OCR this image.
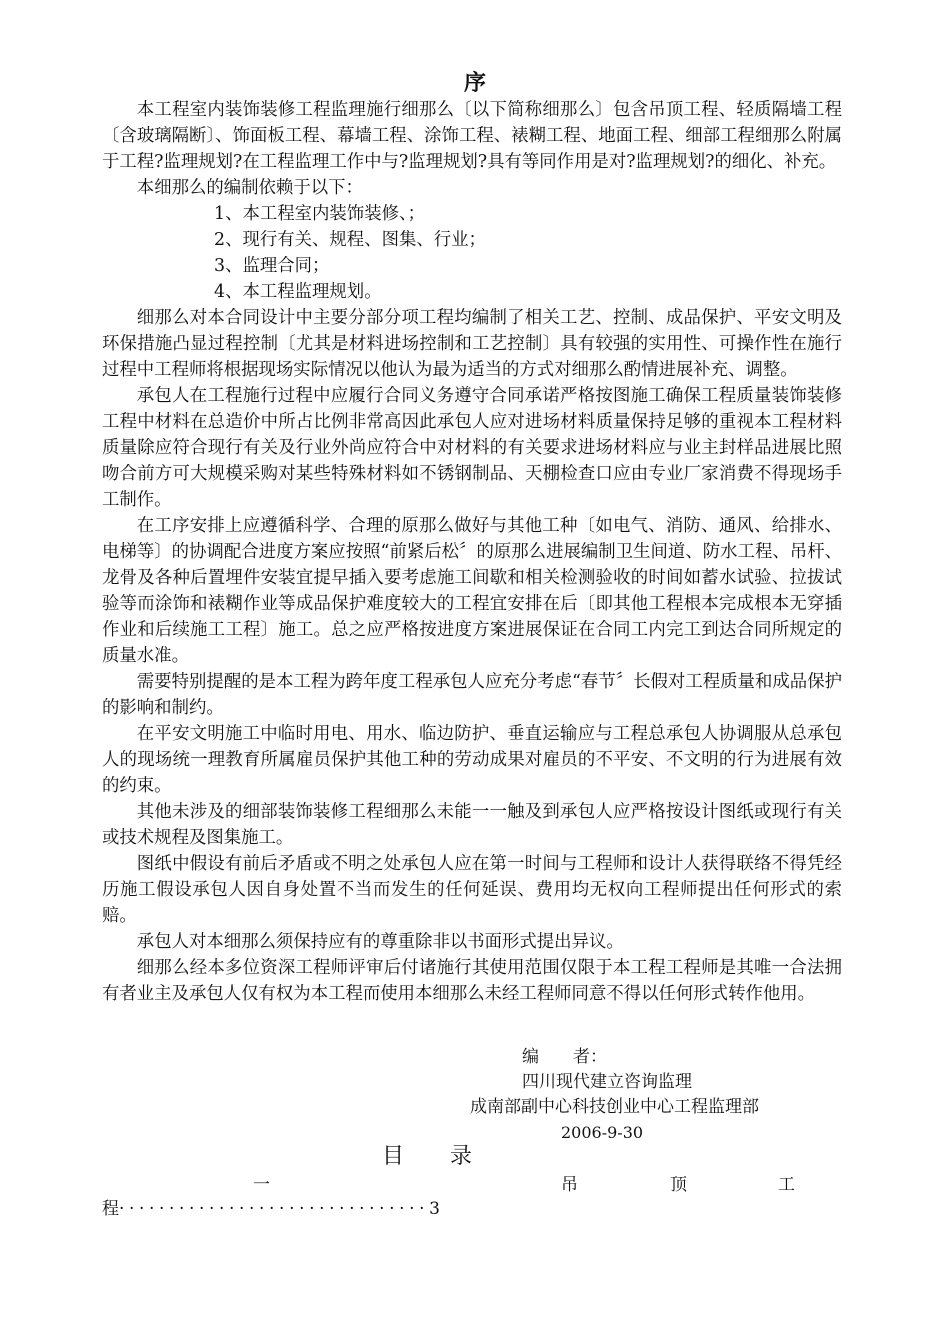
序

本工程室内装饰装修工程监理施行细那么〔以下简称细那么〕包含吊顶工程、轻质隔墙工程〔含玻璃隔断〕、饰面板工程、幕墙工程、涂饰工程、裱糊工程、地面工程、细部工程细那么附属于工程?监理规划?在工程监理工作中与?监理规划?具有等同作用是对?监理规划?的细化、补充。

本细那么的编制依赖于以下：

1、本工程室内装饰装修、；

2、现行有关、规程、图集、行业；

3、监理合同；

4、本工程监理规划。

细那么对本合同设计中主要分部分项工程均编制了相关工艺、控制、成品保护、平安文明及环保措施凸显过程控制〔尤其是材料进场控制和工艺控制〕具有较强的实用性、可操作性在施行过程中工程师将根据现场实际情况以他认为最为适当的方式对细那么酌情进展补充、调整。

承包人在工程施行过程中应履行合同义务遵守合同承诺严格按图施工确保工程质量装饰装修工程中材料在总造价中所占比例非常高因此承包人应对进场材料质量保持足够的重视本工程材料质量除应符合现行有关及行业外尚应符合中对材料的有关要求进场材料应与业主封样品进展比照吻合前方可大规模采购对某些特殊材料如不锈钢制品、天棚检查口应由专业厂家消费不得现场手工制作。

在工序安排上应遵循科学、合理的原那么做好与其他工种〔如电气、消防、通风、给排水、电梯等〕的协调配合进度方案应按照“前紧后松〞的原那么进展编制卫生间道、防水工程、吊杆、龙骨及各种后置埋件安装宜提早插入要考虑施工间歇和相关检测验收的时间如蓄水试验、拉拔试验等而涂饰和裱糊作业等成品保护难度较大的工程宜安排在后〔即其他工程根本完成根本无穿插作业和后续施工工程〕施工。总之应严格按进度方案进展保证在合同工内完工到达合同所规定的质量水准。

需要特别提醒的是本工程为跨年度工程承包人应充分考虑“春节〞长假对工程质量和成品保护的影响和制约。

在平安文明施工中临时用电、用水、临边防护、垂直运输应与工程总承包人协调服从总承包人的现场统一理教育所属雇员保护其他工种的劳动成果对雇员的不平安、不文明的行为进展有效的约束。

其他未涉及的细部装饰装修工程细那么未能一一触及到承包人应严格按设计图纸或现行有关或技术规程及图集施工。

图纸中假设有前后矛盾或不明之处承包人应在第一时间与工程师和设计人获得联络不得凭经历施工假设承包人因自身处置不当而发生的任何延误、费用均无权向工程师提出任何形式的索赔。

承包人对本细那么须保持应有的尊重除非以书面形式提出异议。

细那么经本多位资深工程师评审后付诸施行其使用范围仅限于本工程工程师是其唯一合法拥有者业主及承包人仅有权为本工程而使用本细那么未经工程师同意不得以任何形式转作他用。

编　　者：
四川现代建立咨询监理
成南部副中心科技创业中心工程监理部
2006-9-30
目录
一	吊	顶	工
程·······························3
